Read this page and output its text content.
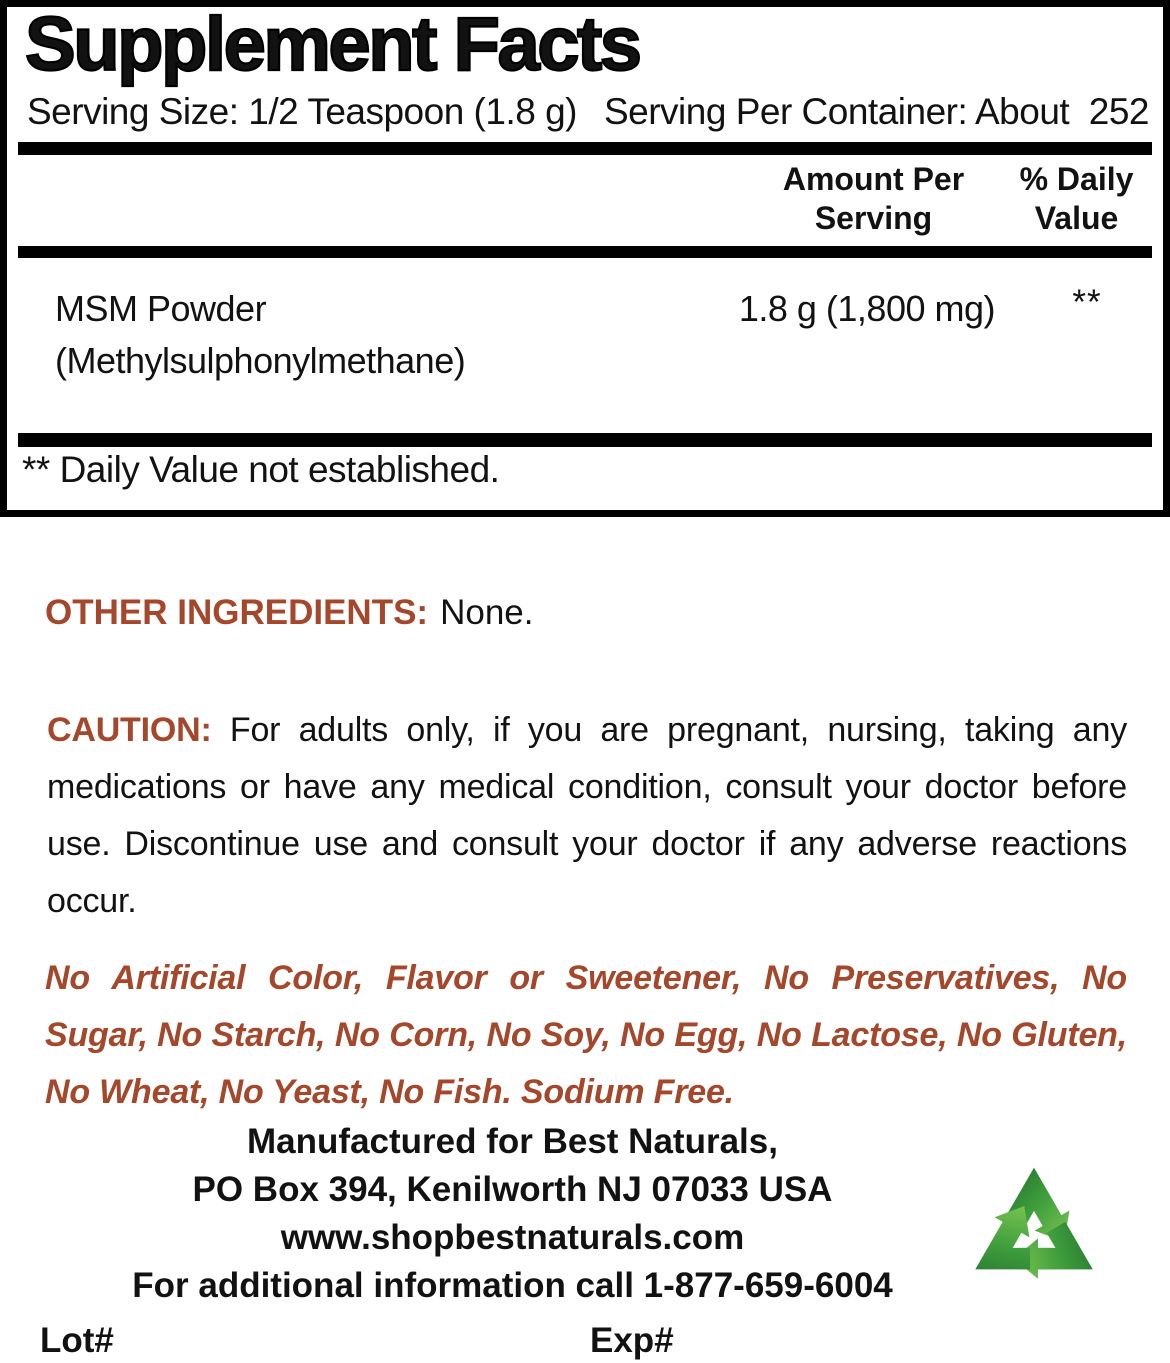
Supplement Facts
Serving Size: 1/2 Teaspoon (1.8 g) Serving Per Container: About  252
Amount Per
Serving
% Daily
Value
MSM Powder
(Methylsulphonylmethane)
1.8 g (1,800 mg)	**
** Daily Value not established.
OTHER INGREDIENTS: None.

CAUTION: For adults only, if you are pregnant, nursing, taking any medications or have any medical condition, consult your doctor before use. Discontinue use and consult your doctor if any adverse reactions occur.

No Artificial Color, Flavor or Sweetener, No Preservatives, No Sugar, No Starch, No Corn, No Soy, No Egg, No Lactose, No Gluten, No Wheat, No Yeast, No Fish. Sodium Free.

Manufactured for Best Naturals,
PO Box 394, Kenilworth NJ 07033 USA
www.shopbestnaturals.com
For additional information call 1-877-659-6004
Lot#	Exp#
